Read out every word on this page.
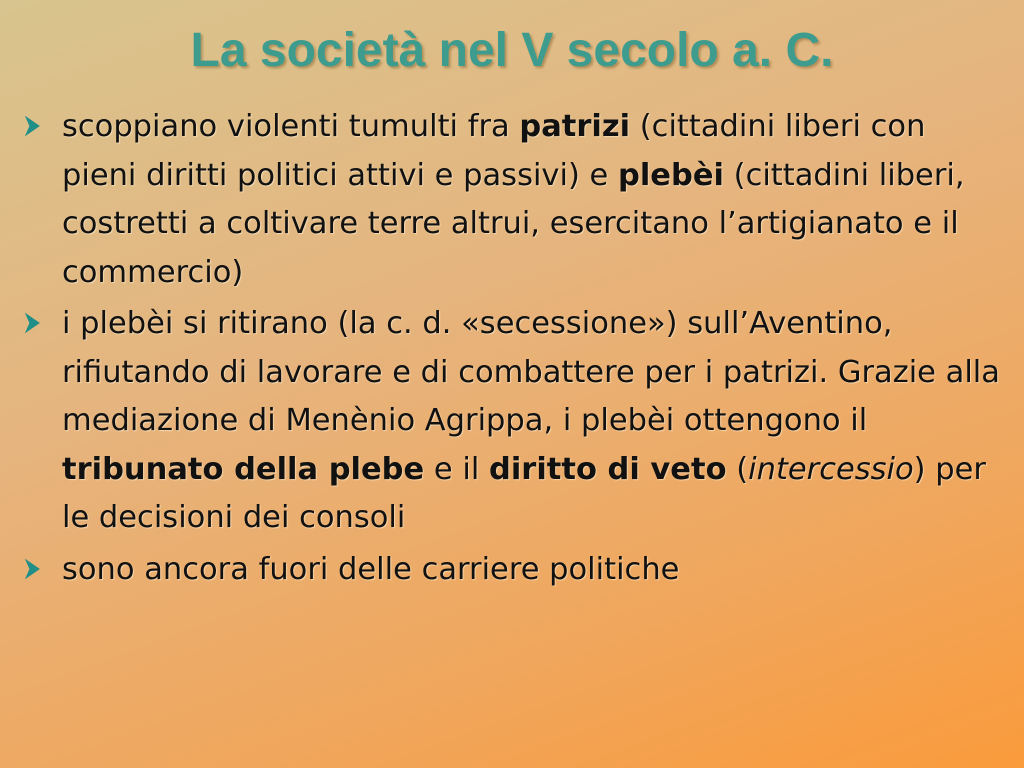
La società nel V secolo a. C.
scoppiano violenti tumulti fra patrizi (cittadini liberi con pieni diritti politici attivi e passivi) e plebèi (cittadini liberi, costretti a coltivare terre altrui, esercitano l’artigianato e il commercio)
i plebèi si ritirano (la c. d. «secessione») sull’Aventino, rifiutando di lavorare e di combattere per i patrizi. Grazie alla mediazione di Menènio Agrippa, i plebèi ottengono il tribunato della plebe e il diritto di veto (intercessio) per le decisioni dei consoli
sono ancora fuori delle carriere politiche
